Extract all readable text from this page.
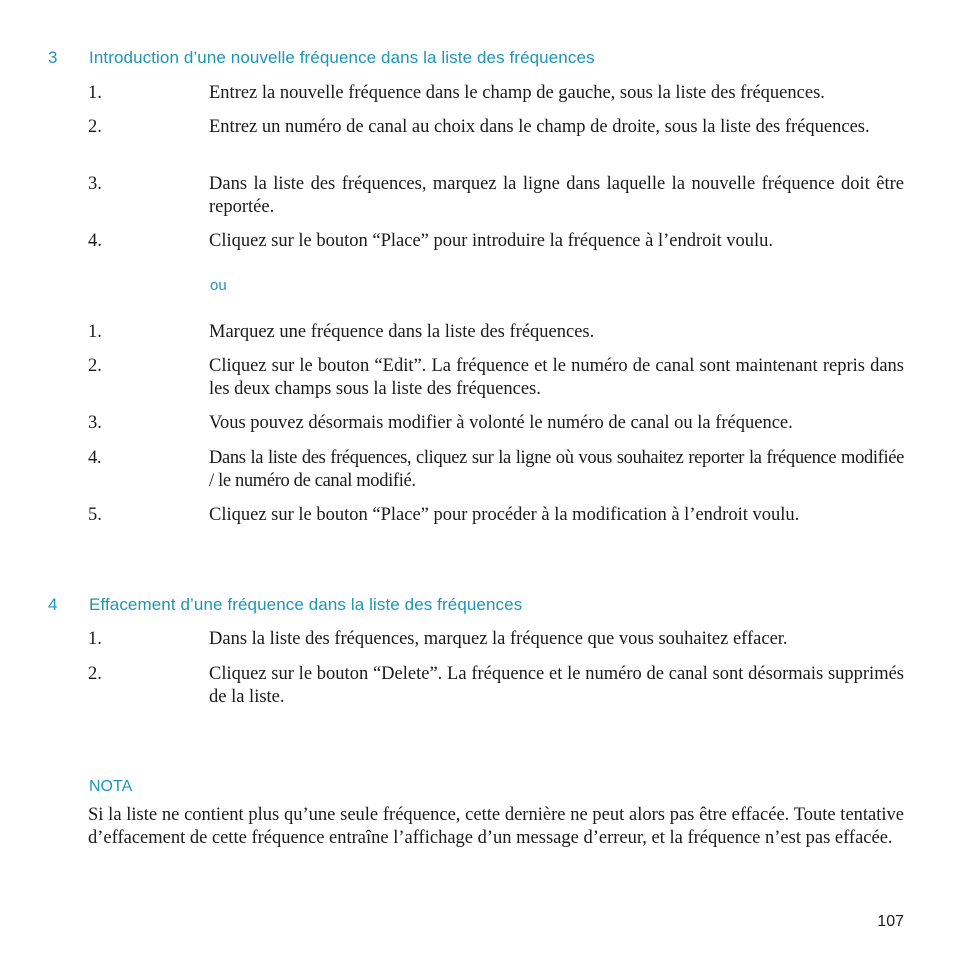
3 Introduction d’une nouvelle fréquence dans la liste des fréquences
1.	Entrez la nouvelle fréquence dans le champ de gauche, sous la liste des fréquences.
2.	Entrez un numéro de canal au choix dans le champ de droite, sous la liste des fréquences.
3.	Dans la liste des fréquences, marquez la ligne dans laquelle la nouvelle fréquence doit être reportée.
4.	Cliquez sur le bouton “Place” pour introduire la fréquence à l’endroit voulu.
ou
1.	Marquez une fréquence dans la liste des fréquences.
2.	Cliquez sur le bouton “Edit”. La fréquence et le numéro de canal sont maintenant repris dans les deux champs sous la liste des fréquences.
3.	Vous pouvez désormais modifier à volonté le numéro de canal ou la fréquence.
4.	Dans la liste des fréquences, cliquez sur la ligne où vous souhaitez reporter la fréquence modifiée / le numéro de canal modifié.
5.	Cliquez sur le bouton “Place” pour procéder à la modification à l’endroit voulu.
4 Effacement d’une fréquence dans la liste des fréquences
1.	Dans la liste des fréquences, marquez la fréquence que vous souhaitez effacer.
2.	Cliquez sur le bouton “Delete”. La fréquence et le numéro de canal sont désormais supprimés de la liste.
NOTA
Si la liste ne contient plus qu’une seule fréquence, cette dernière ne peut alors pas être effacée. Toute tentative d’effacement de cette fréquence entraîne l’affichage d’un message d’erreur, et la fréquence n’est pas effacée.
107
